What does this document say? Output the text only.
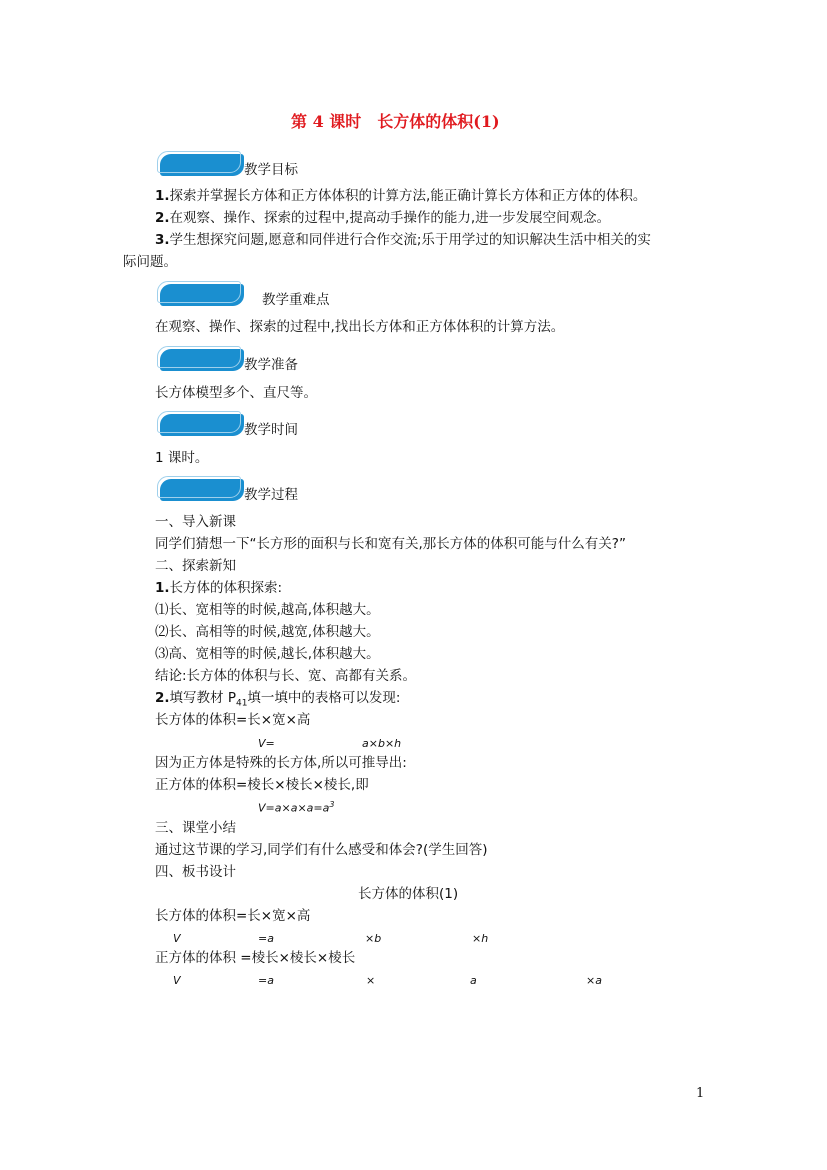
第 4 课时　长方体的体积(1)
教学目标
1.探索并掌握长方体和正方体体积的计算方法,能正确计算长方体和正方体的体积。
2.在观察、操作、探索的过程中,提高动手操作的能力,进一步发展空间观念。
3.学生想探究问题,愿意和同伴进行合作交流;乐于用学过的知识解决生活中相关的实
际问题。
教学重难点
在观察、操作、探索的过程中,找出长方体和正方体体积的计算方法。
教学准备
长方体模型多个、直尺等。
教学时间
1 课时。
教学过程
一、导入新课
同学们猜想一下“长方形的面积与长和宽有关,那长方体的体积可能与什么有关?”
二、探索新知
1.长方体的体积探索:
⑴长、宽相等的时候,越高,体积越大。
⑵长、高相等的时候,越宽,体积越大。
⑶高、宽相等的时候,越长,体积越大。
结论:长方体的体积与长、宽、高都有关系。
2.填写教材 $P_{41}$填一填中的表格可以发现:
长方体的体积=长×宽×高
V=	a×b×h
因为正方体是特殊的长方体,所以可推导出:
正方体的体积=棱长×棱长×棱长,即
$V=a\times a\times a=a^3$
三、课堂小结
通过这节课的学习,同学们有什么感受和体会?(学生回答)
四、板书设计
长方体的体积(1)
长方体的体积=长×宽×高
V	=a	×b	×h
正方体的体积 =棱长×棱长×棱长
V	=a	×	a	×a
1
